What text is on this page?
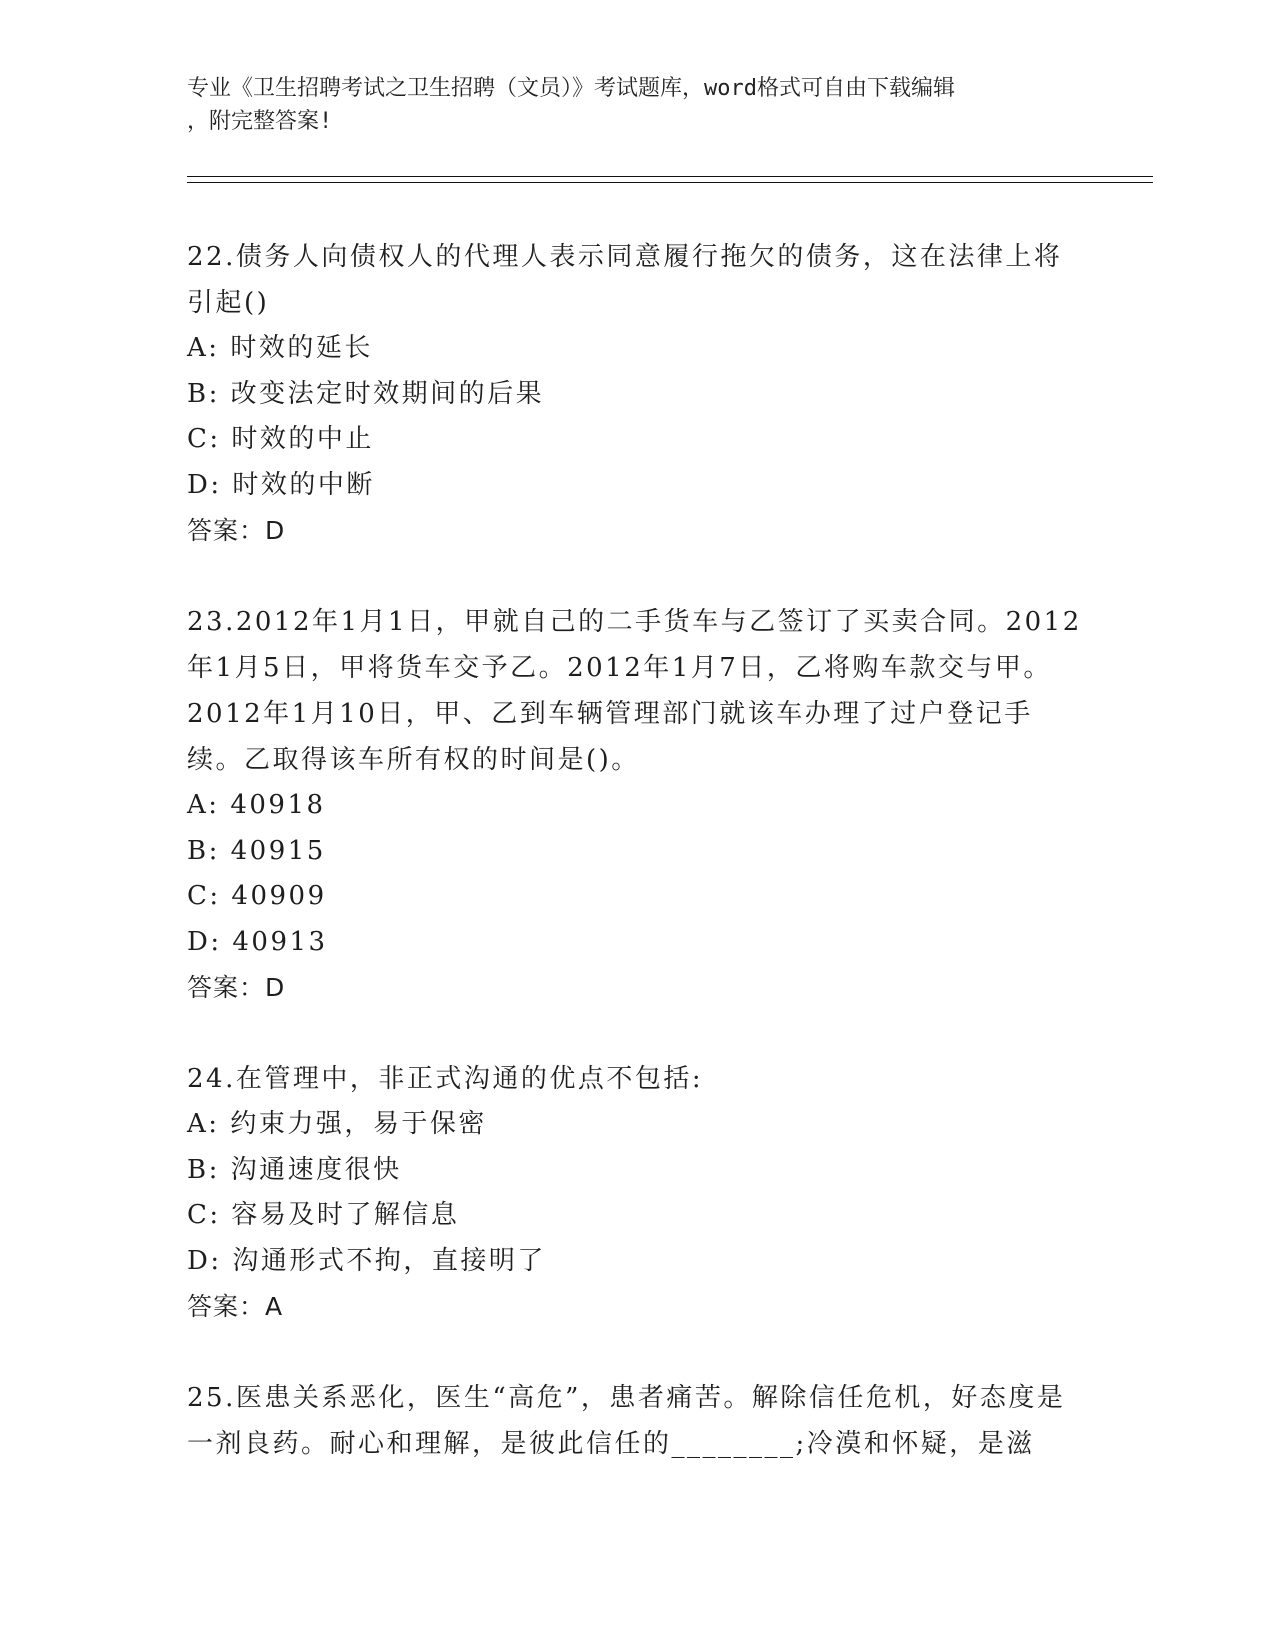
专业《卫生招聘考试之卫生招聘（文员）》考试题库，word格式可自由下载编辑
，附完整答案!
22.债务人向债权人的代理人表示同意履行拖欠的债务，这在法律上将引起()
A: 时效的延长
B: 改变法定时效期间的后果
C: 时效的中止
D: 时效的中断
答案：D
23.2012年1月1日，甲就自己的二手货车与乙签订了买卖合同。2012年1月5日，甲将货车交予乙。2012年1月7日，乙将购车款交与甲。2012年1月10日，甲、乙到车辆管理部门就该车办理了过户登记手续。乙取得该车所有权的时间是()。
A: 40918
B: 40915
C: 40909
D: 40913
答案：D
24.在管理中，非正式沟通的优点不包括:
A: 约束力强，易于保密
B: 沟通速度很快
C: 容易及时了解信息
D: 沟通形式不拘，直接明了
答案：A
25.医患关系恶化，医生“高危”，患者痛苦。解除信任危机，好态度是一剂良药。耐心和理解，是彼此信任的________;冷漠和怀疑，是滋
